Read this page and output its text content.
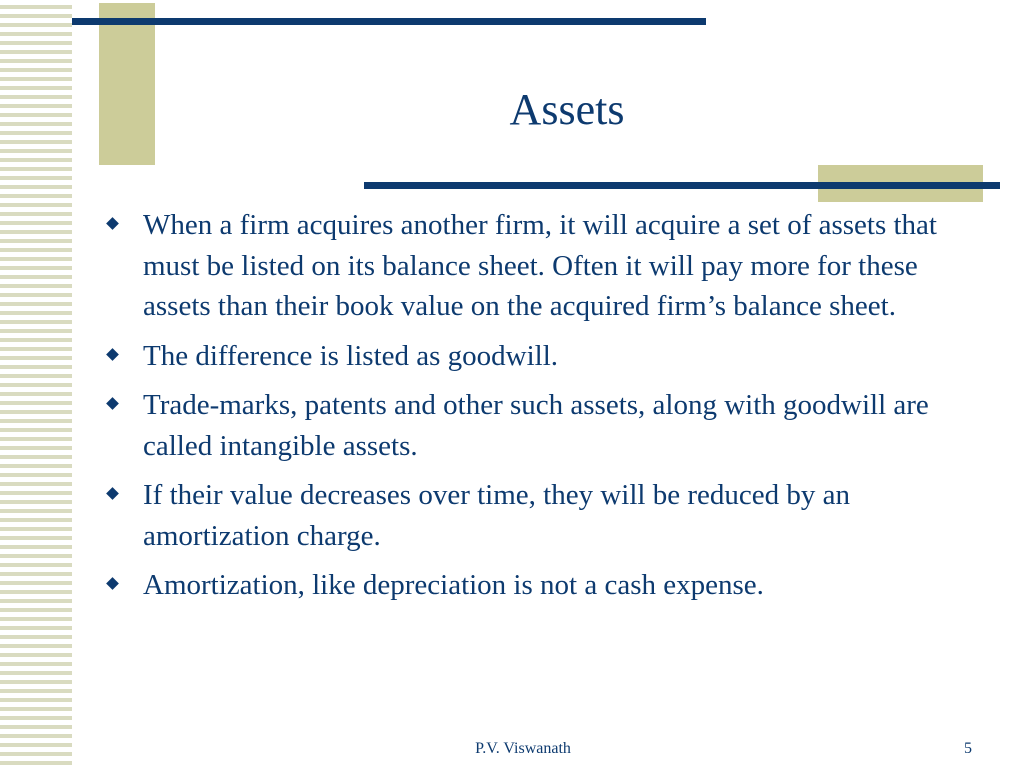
Assets
When a firm acquires another firm, it will acquire a set of assets that must be listed on its balance sheet. Often it will pay more for these assets than their book value on the acquired firm’s balance sheet.
The difference is listed as goodwill.
Trade-marks, patents and other such assets, along with goodwill are called intangible assets.
If their value decreases over time, they will be reduced by an amortization charge.
Amortization, like depreciation is not a cash expense.
P.V. Viswanath	5
